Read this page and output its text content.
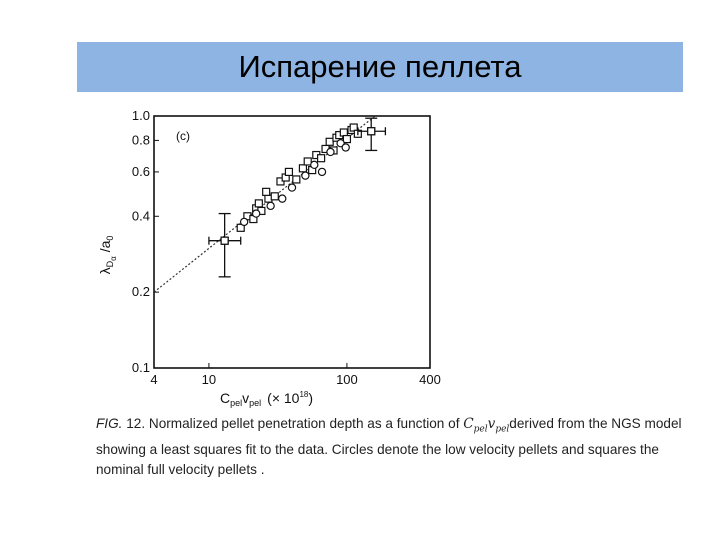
Испарение пеллета
4	10	100	400
0.1
0.2
0.4
0.6
0.8
1.0
(c)
$C_{pel}v_{pel}$ (× $10^{18}$)
$\lambda_{D\alpha}/a_0$
FIG. 12. Normalized pellet penetration depth as a function of $C_{pel}v_{pel}derived$ from the NGS model showing a least squares fit to the data. Circles denote the low velocity pellets and squares the nominal full velocity pellets .
